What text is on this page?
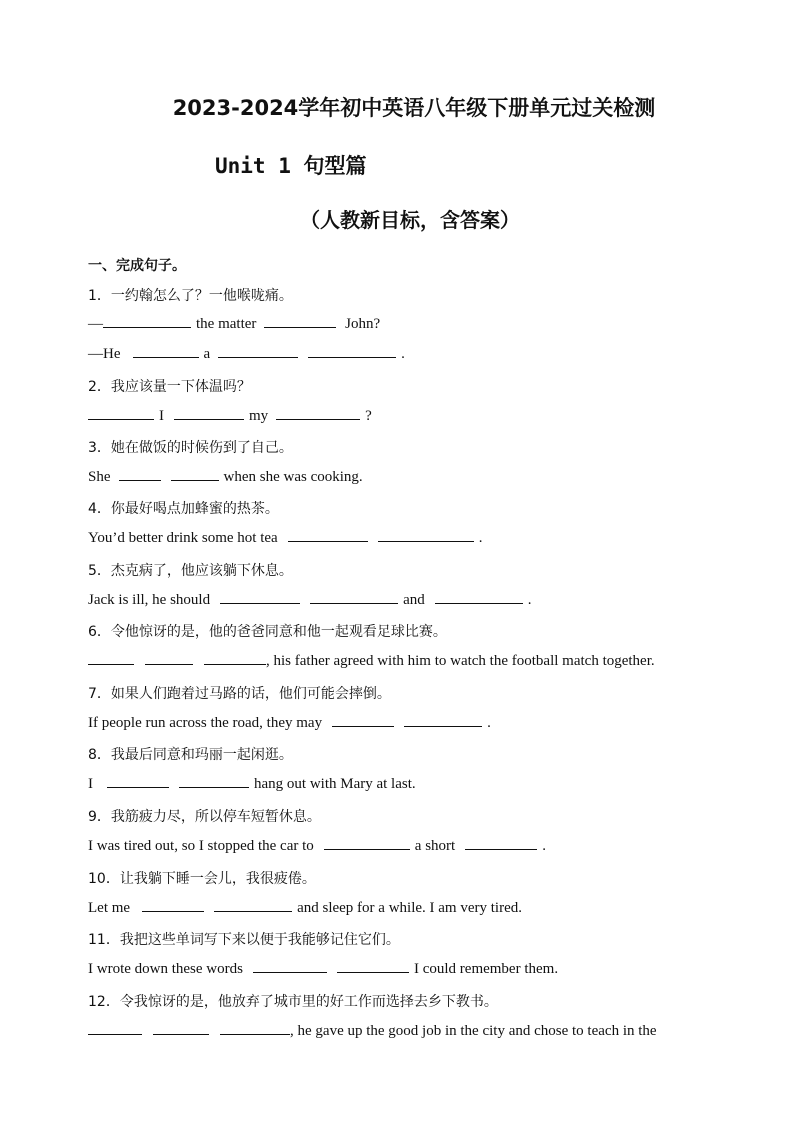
2023-2024学年初中英语八年级下册单元过关检测
Unit 1 句型篇
（人教新目标，含答案）
一、完成句子。
1．一约翰怎么了？一他喉咙痛。
—	the matter	John?
—He	a	.
2．我应该量一下体温吗？
I	my	?
3．她在做饭的时候伤到了自己。
She	when she was cooking.
4．你最好喝点加蜂蜜的热茶。
You’d better drink some hot tea	.
5．杰克病了，他应该躺下休息。
Jack is ill, he should	and	.
6．令他惊讶的是，他的爸爸同意和他一起观看足球比赛。
, his father agreed with him to watch the football match together.
7．如果人们跑着过马路的话，他们可能会摔倒。
If people run across the road, they may	.
8．我最后同意和玛丽一起闲逛。
I	hang out with Mary at last.
9．我筋疲力尽，所以停车短暂休息。
I was tired out, so I stopped the car to	a short	.
10．让我躺下睡一会儿，我很疲倦。
Let me	and sleep for a while. I am very tired.
11．我把这些单词写下来以便于我能够记住它们。
I wrote down these words	I could remember them.
12．令我惊讶的是，他放弃了城市里的好工作而选择去乡下教书。
, he gave up the good job in the city and chose to teach in the
